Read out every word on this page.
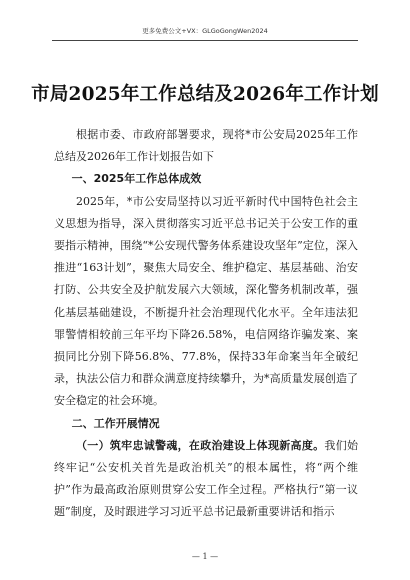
更多免费公文+VX：GLGoGongWen2024
市局2025年工作总结及2026年工作计划

根据市委、市政府部署要求，现将*市公安局2025年工作总结及2026年工作计划报告如下

一、2025年工作总体成效

2025年，*市公安局坚持以习近平新时代中国特色社会主义思想为指导，深入贯彻落实习近平总书记关于公安工作的重要指示精神，围绕“*公安现代警务体系建设攻坚年”定位，深入推进“163计划”，聚焦大局安全、维护稳定、基层基础、治安打防、公共安全及护航发展六大领域，深化警务机制改革，强化基层基础建设，不断提升社会治理现代化水平。全年违法犯罪警情相较前三年平均下降26.58%，电信网络诈骗发案、案损同比分别下降56.8%、77.8%，保持33年命案当年全破纪录，执法公信力和群众满意度持续攀升，为*高质量发展创造了安全稳定的社会环境。

二、工作开展情况

（一）筑牢忠诚警魂，在政治建设上体现新高度。我们始终牢记“公安机关首先是政治机关”的根本属性，将“两个维护”作为最高政治原则贯穿公安工作全过程。严格执行“第一议题”制度，及时跟进学习习近平总书记最新重要讲话和指示

— 1 —
